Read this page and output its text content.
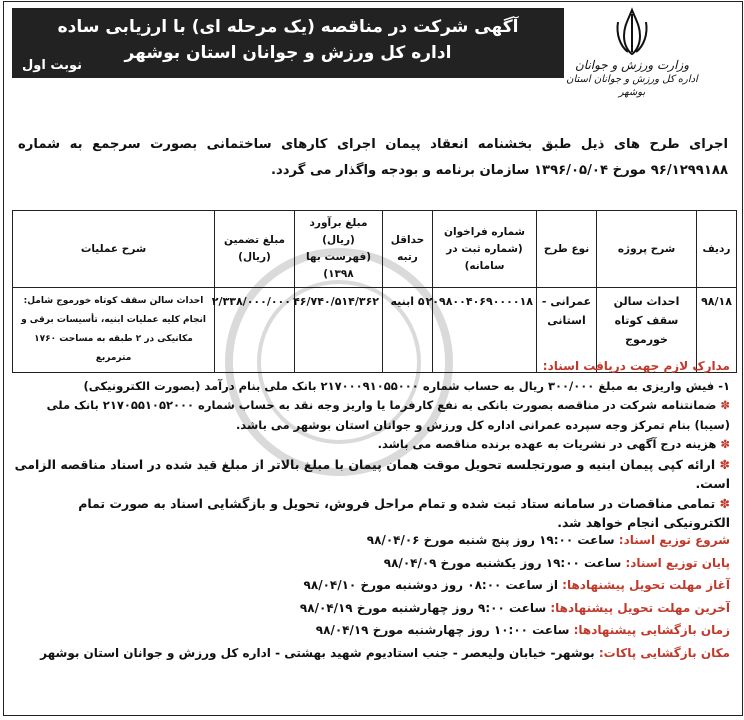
وزارت ورزش و جوانان
اداره کل ورزش و جوانان استان بوشهر
آگهی شرکت در مناقصه (یک مرحله ای) با ارزیابی ساده
اداره کل ورزش و جوانان استان بوشهر
نوبت اول
اجرای طرح های ذیل طبق بخشنامه انعقاد پیمان اجرای کارهای ساختمانی بصورت سرجمع به شماره ۹۶/۱۲۹۹۱۸۸ مورخ ۱۳۹۶/۰۵/۰۴ سازمان برنامه و بودجه واگذار می گردد.
ردیف	شرح پروژه	نوع طرح	شماره فراخوان (شماره ثبت در سامانه)	حداقل رتبه	مبلغ برآورد (ریال) (فهرست بها ۱۳۹۸)	مبلغ تضمین (ریال)	شرح عملیات
۹۸/۱۸	احداث سالن سقف کوتاه خورموج	عمرانی - استانی	۲۰۹۸۰۰۴۰۶۹۰۰۰۰۱۸	۵ ابنیه	۴۶/۷۴۰/۵۱۴/۳۶۲	۲/۳۳۸/۰۰۰/۰۰۰	احداث سالن سقف کوتاه خورموج شامل: انجام کلیه عملیات ابنیه، تأسیسات برقی و مکانیکی در ۲ طبقه به مساحت ۱۷۶۰ مترمربع
مدارک لازم جهت دریافت اسناد:
۱- فیش واریزی به مبلغ ۳۰۰/۰۰۰ ریال به حساب شماره ۲۱۷۰۰۰۹۱۰۵۵۰۰۰ بانک ملی بنام درآمد (بصورت الکترونیکی)
✽ ضمانتنامه شرکت در مناقصه بصورت بانکی به نفع کارفرما یا واریز وجه نقد به حساب شماره ۲۱۷۰۵۵۱۰۵۲۰۰۰ بانک ملی (سیبا) بنام تمرکز وجه سپرده عمرانی اداره کل ورزش و جوانان استان بوشهر می باشد.
✽ هزینه درج آگهی در نشریات به عهده برنده مناقصه می باشد.
✽ ارائه کپی پیمان ابنیه و صورتجلسه تحویل موقت همان پیمان با مبلغ بالاتر از مبلغ قید شده در اسناد مناقصه الزامی است.
✽ تمامی مناقصات در سامانه ستاد ثبت شده و تمام مراحل فروش، تحویل و بازگشایی اسناد به صورت تمام الکترونیکی انجام خواهد شد.
شروع توزیع اسناد: ساعت ۱۹:۰۰ روز پنج شنبه مورخ ۹۸/۰۴/۰۶
پایان توزیع اسناد: ساعت ۱۹:۰۰ روز یکشنبه مورخ ۹۸/۰۴/۰۹
آغاز مهلت تحویل پیشنهادها: از ساعت ۰۸:۰۰ روز دوشنبه مورخ ۹۸/۰۴/۱۰
آخرین مهلت تحویل پیشنهادها: ساعت ۹:۰۰ روز چهارشنبه مورخ ۹۸/۰۴/۱۹
زمان بازگشایی پیشنهادها: ساعت ۱۰:۰۰ روز چهارشنبه مورخ ۹۸/۰۴/۱۹
مکان بازگشایی پاکات: بوشهر- خیابان ولیعصر - جنب استادیوم شهید بهشتی - اداره کل ورزش و جوانان استان بوشهر
